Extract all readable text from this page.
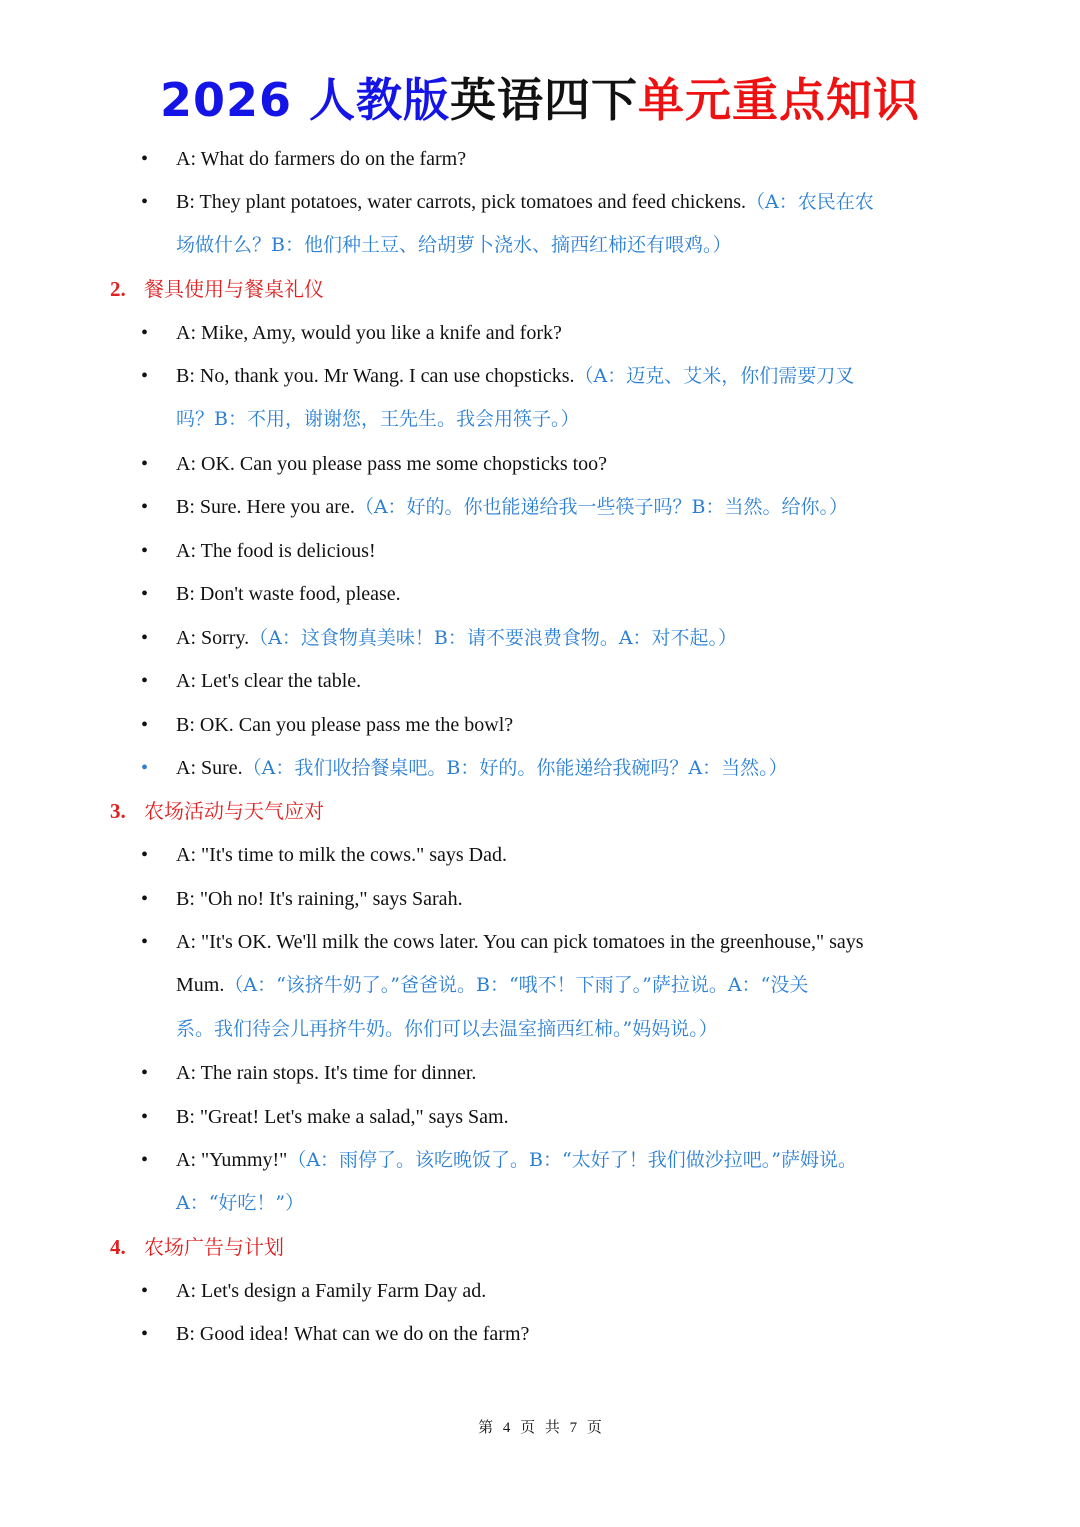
2026 人教版英语四下单元重点知识
• A: What do farmers do on the farm?
• B: They plant potatoes, water carrots, pick tomatoes and feed chickens.（A：农民在农
场做什么？B：他们种土豆、给胡萝卜浇水、摘西红柿还有喂鸡。）
2. 餐具使用与餐桌礼仪
• A: Mike, Amy, would you like a knife and fork?
• B: No, thank you. Mr Wang. I can use chopsticks.（A：迈克、艾米，你们需要刀叉
吗？B：不用，谢谢您，王先生。我会用筷子。）
• A: OK. Can you please pass me some chopsticks too?
• B: Sure. Here you are.（A：好的。你也能递给我一些筷子吗？B：当然。给你。）
• A: The food is delicious!
• B: Don't waste food, please.
• A: Sorry.（A：这食物真美味！B：请不要浪费食物。A：对不起。）
• A: Let's clear the table.
• B: OK. Can you please pass me the bowl?
• A: Sure.（A：我们收拾餐桌吧。B：好的。你能递给我碗吗？A：当然。）
3. 农场活动与天气应对
• A: "It's time to milk the cows." says Dad.
• B: "Oh no! It's raining," says Sarah.
• A: "It's OK. We'll milk the cows later. You can pick tomatoes in the greenhouse," says
Mum.（A：“该挤牛奶了。”爸爸说。B：“哦不！下雨了。”萨拉说。A：“没关
系。我们待会儿再挤牛奶。你们可以去温室摘西红柿。”妈妈说。）
• A: The rain stops. It's time for dinner.
• B: "Great! Let's make a salad," says Sam.
• A: "Yummy!"（A：雨停了。该吃晚饭了。B：“太好了！我们做沙拉吧。”萨姆说。
A：“好吃！”）
4. 农场广告与计划
• A: Let's design a Family Farm Day ad.
• B: Good idea! What can we do on the farm?
第 4 页 共 7 页
